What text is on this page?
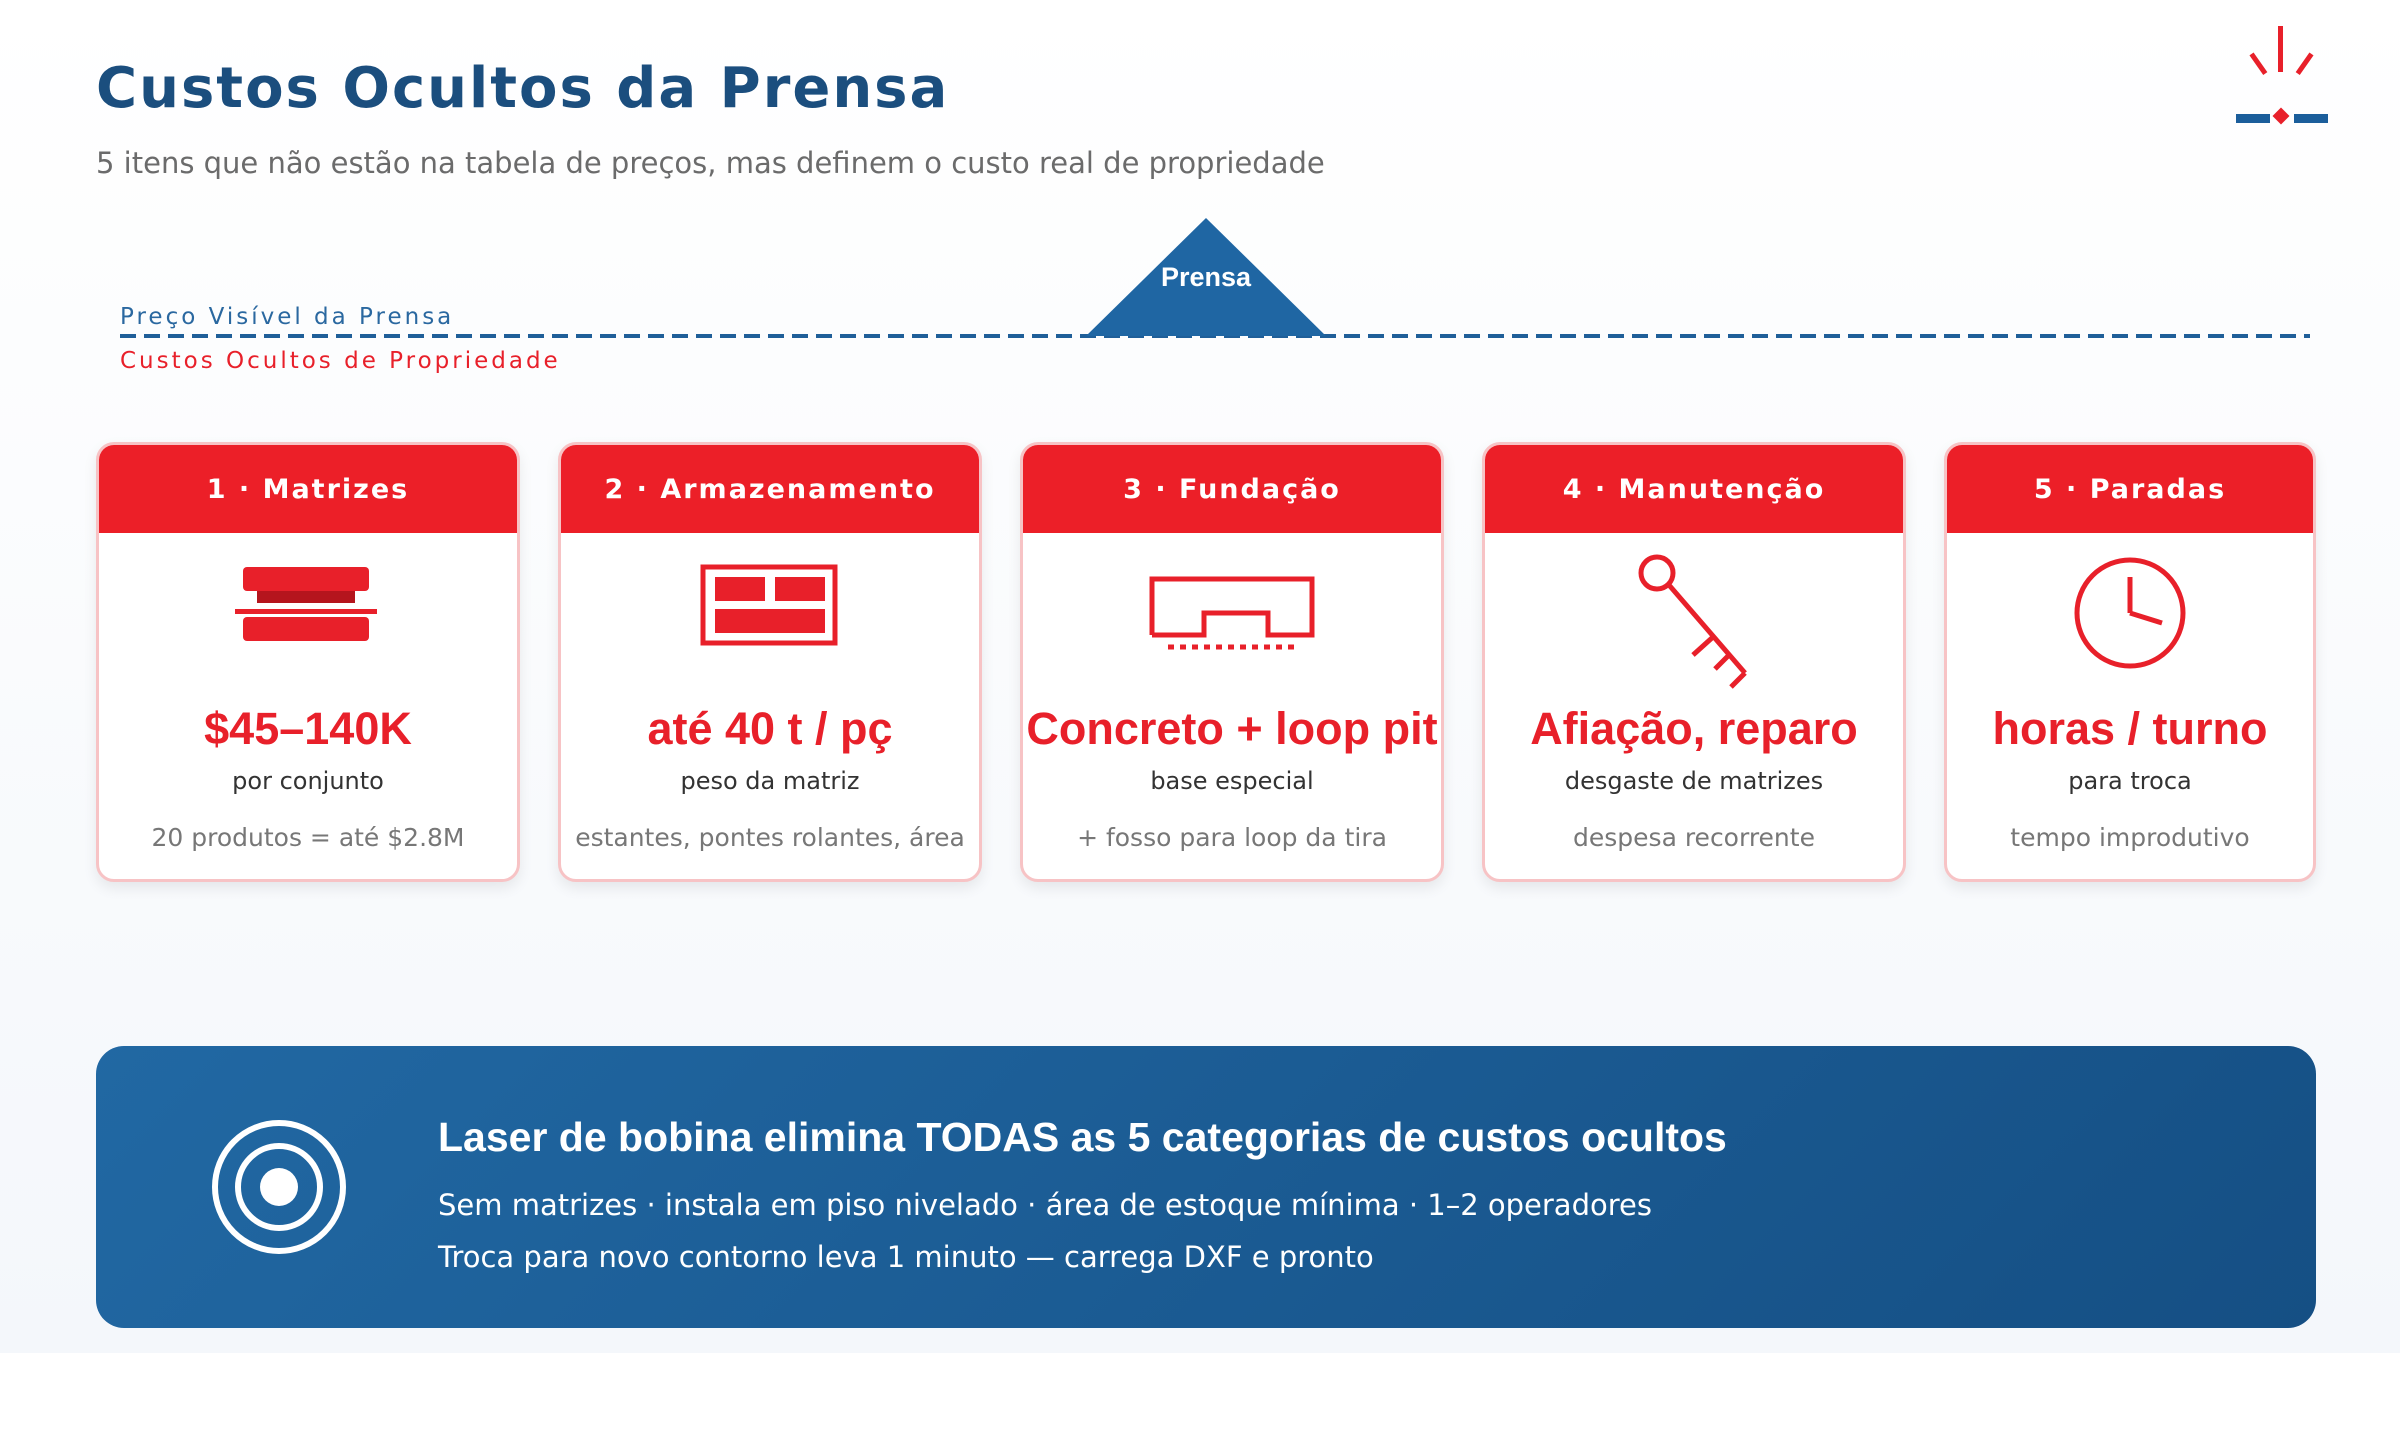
Custos Ocultos da Prensa

5 itens que não estão na tabela de preços, mas definem o custo real de propriedade

Prensa
Preço Visível da Prensa
Custos Ocultos de Propriedade
1 · Matrizes
$45–140K
por conjunto
20 produtos = até $2.8M
2 · Armazenamento
até 40 t / pç
peso da matriz
estantes, pontes rolantes, área
3 · Fundação
Concreto + loop pit
base especial
+ fosso para loop da tira
4 · Manutenção
Afiação, reparo
desgaste de matrizes
despesa recorrente
5 · Paradas
horas / turno
para troca
tempo improdutivo
Laser de bobina elimina TODAS as 5 categorias de custos ocultos
Sem matrizes · instala em piso nivelado · área de estoque mínima · 1–2 operadores
Troca para novo contorno leva 1 minuto — carrega DXF e pronto
